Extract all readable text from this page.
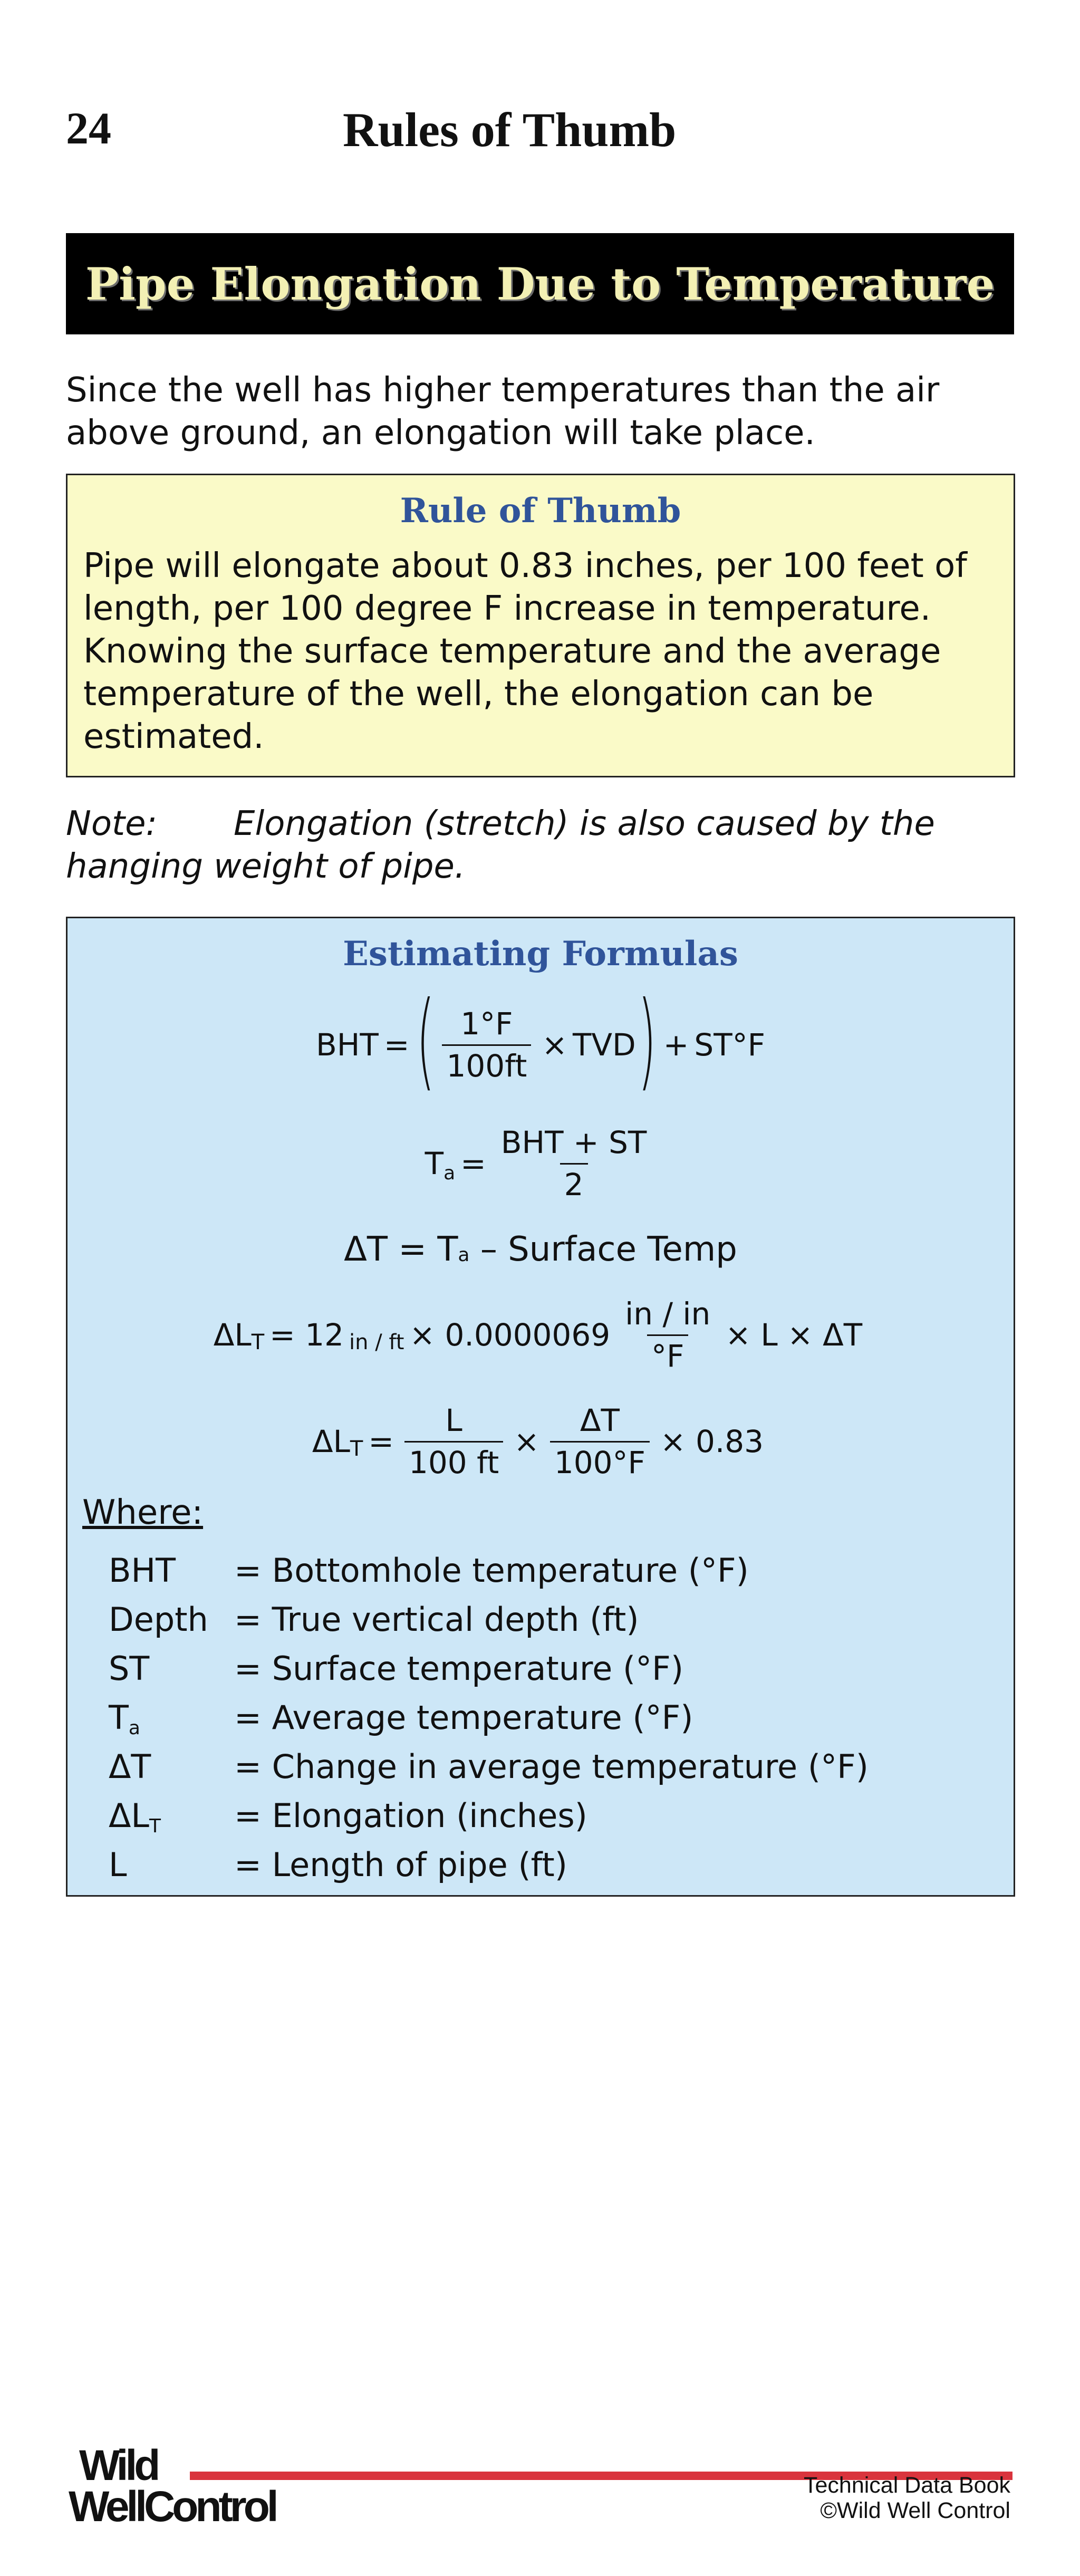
24	Rules of Thumb
Pipe Elongation Due to Temperature
Since the well has higher temperatures than the air above ground, an elongation will take place.
Rule of Thumb
Pipe will elongate about 0.83 inches, per 100 feet of length, per 100 degree F increase in temperature. Knowing the surface temperature and the average temperature of the well, the elongation can be estimated.
Note: Elongation (stretch) is also caused by the hanging weight of pipe.
Estimating Formulas
BHT = ( $\frac{1^\circ F}{100ft}$ × TVD ) + ST°F
$Ta = \frac{\text{BHT + ST}}{2}$
ΔT = T a – Surface Temp
ΔL T = 12 in / ft × $0.0000069 \frac{in / in}{^\circ F} \times L \times \Delta T$
ΔL $T = \frac{L}{100 ft} \times \frac{\Delta T}{100^\circ F} \times 0.83$
Where:
BHT	= Bottomhole temperature (°F)
Depth = True vertical depth (ft)
ST	= Surface temperature (°F)
Ta	= Average temperature (°F)
ΔT	= Change in average temperature (°F)
ΔLT	= Elongation (inches)
L	= Length of pipe (ft)
Wild
WellControl	Technical Data Book
©Wild Well Control
